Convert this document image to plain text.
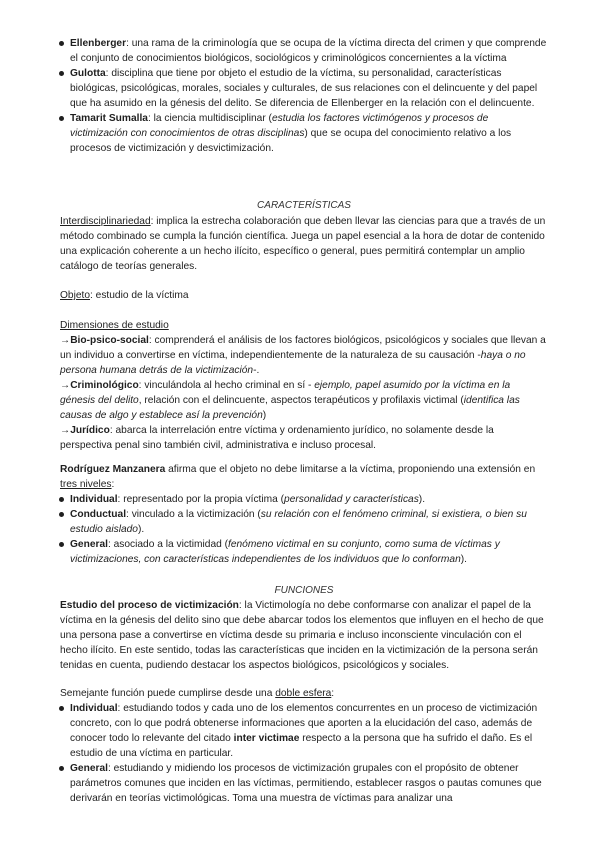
Ellenberger: una rama de la criminología que se ocupa de la víctima directa del crimen y que comprende el conjunto de conocimientos biológicos, sociológicos y criminológicos concernientes a la víctima
Gulotta: disciplina que tiene por objeto el estudio de la víctima, su personalidad, características biológicas, psicológicas, morales, sociales y culturales, de sus relaciones con el delincuente y del papel que ha asumido en la génesis del delito. Se diferencia de Ellenberger en la relación con el delincuente.
Tamarit Sumalla: la ciencia multidisciplinar (estudia los factores victimógenos y procesos de victimización con conocimientos de otras disciplinas) que se ocupa del conocimiento relativo a los procesos de victimización y desvictimización.
CARACTERÍSTICAS

Interdisciplinariedad: implica la estrecha colaboración que deben llevar las ciencias para que a través de un método combinado se cumpla la función científica. Juega un papel esencial a la hora de dotar de contenido una explicación coherente a un hecho ilícito, específico o general, pues permitirá contemplar un amplio catálogo de teorías generales.

Objeto: estudio de la víctima

Dimensiones de estudio
→Bio-psico-social: comprenderá el análisis de los factores biológicos, psicológicos y sociales que llevan a un individuo a convertirse en víctima, independientemente de la naturaleza de su causación -haya o no persona humana detrás de la victimización-.
→Criminológico: vinculándola al hecho criminal en sí - ejemplo, papel asumido por la víctima en la génesis del delito, relación con el delincuente, aspectos terapéuticos y profilaxis victimal (identifica las causas de algo y establece así la prevención)
→Jurídico: abarca la interrelación entre víctima y ordenamiento jurídico, no solamente desde la perspectiva penal sino también civil, administrativa e incluso procesal.

Rodríguez Manzanera afirma que el objeto no debe limitarse a la víctima, proponiendo una extensión en tres niveles:

Individual: representado por la propia víctima (personalidad y características).
Conductual: vinculado a la victimización (su relación con el fenómeno criminal, si existiera, o bien su estudio aislado).
General: asociado a la victimidad (fenómeno victimal en su conjunto, como suma de víctimas y victimizaciones, con características independientes de los individuos que lo conforman).
FUNCIONES

Estudio del proceso de victimización: la Victimología no debe conformarse con analizar el papel de la víctima en la génesis del delito sino que debe abarcar todos los elementos que influyen en el hecho de que una persona pase a convertirse en víctima desde su primaria e incluso inconsciente vinculación con el hecho ilícito. En este sentido, todas las características que inciden en la victimización de la persona serán tenidas en cuenta, pudiendo destacar los aspectos biológicos, psicológicos y sociales.

Semejante función puede cumplirse desde una doble esfera:

Individual: estudiando todos y cada uno de los elementos concurrentes en un proceso de victimización concreto, con lo que podrá obtenerse informaciones que aporten a la elucidación del caso, además de conocer todo lo relevante del citado inter victimae respecto a la persona que ha sufrido el daño. Es el estudio de una víctima en particular.
General: estudiando y midiendo los procesos de victimización grupales con el propósito de obtener parámetros comunes que inciden en las víctimas, permitiendo, establecer rasgos o pautas comunes que derivarán en teorías victimológicas. Toma una muestra de víctimas para analizar una
